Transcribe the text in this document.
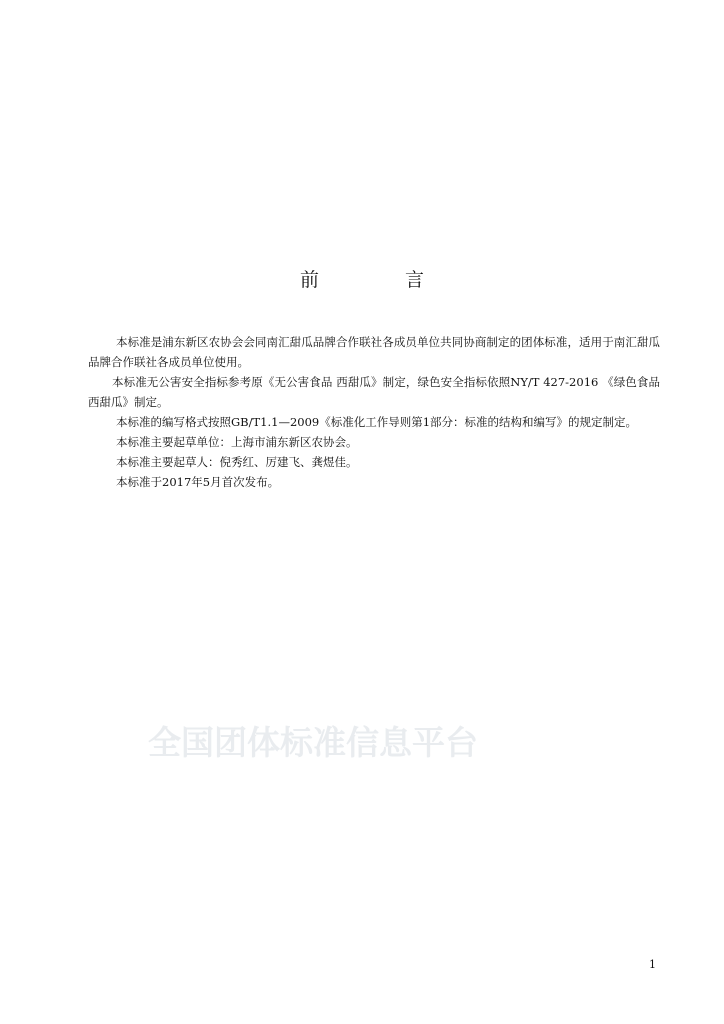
前 言

本标准是浦东新区农协会会同南汇甜瓜品牌合作联社各成员单位共同协商制定的团体标准，适用于南汇甜瓜品牌合作联社各成员单位使用。

本标准无公害安全指标参考原《无公害食品 西甜瓜》制定，绿色安全指标依照NY/T 427-2016 《绿色食品 西甜瓜》制定。

本标准的编写格式按照GB/T1.1—2009《标准化工作导则第1部分：标准的结构和编写》的规定制定。

本标准主要起草单位：上海市浦东新区农协会。

本标准主要起草人：倪秀红、厉建飞、龚煜佳。

本标准于2017年5月首次发布。

全国团体标准信息平台
1
